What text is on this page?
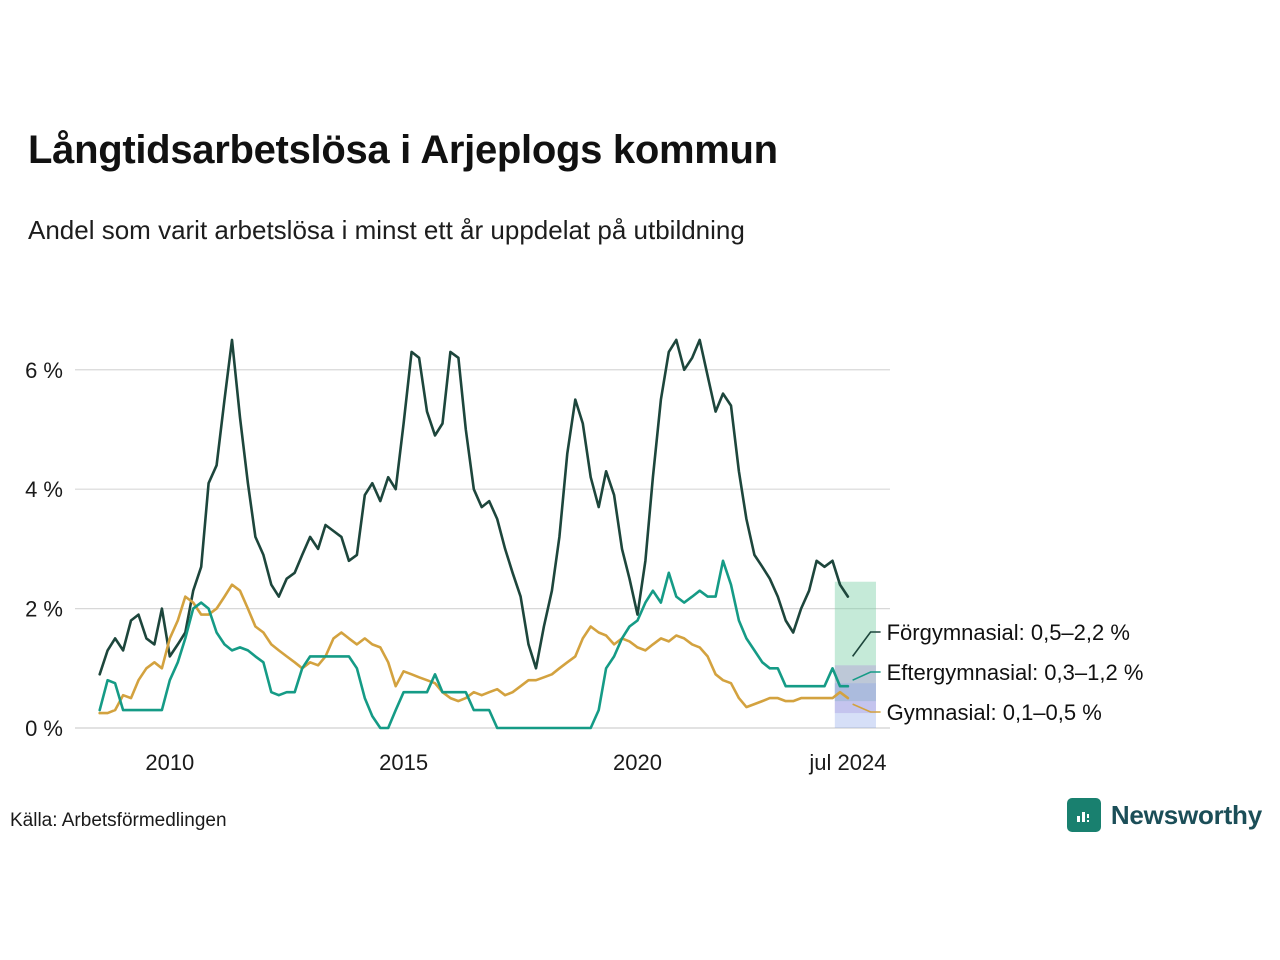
Långtidsarbetslösa i Arjeplogs kommun
Andel som varit arbetslösa i minst ett år uppdelat på utbildning
0 %
2 %
4 %
6 %
2010	2015	2020	jul 2024
Förgymnasial: 0,5–2,2 %
Eftergymnasial: 0,3–1,2 %
Gymnasial: 0,1–0,5 %
Källa: Arbetsförmedlingen	Newsworthy
